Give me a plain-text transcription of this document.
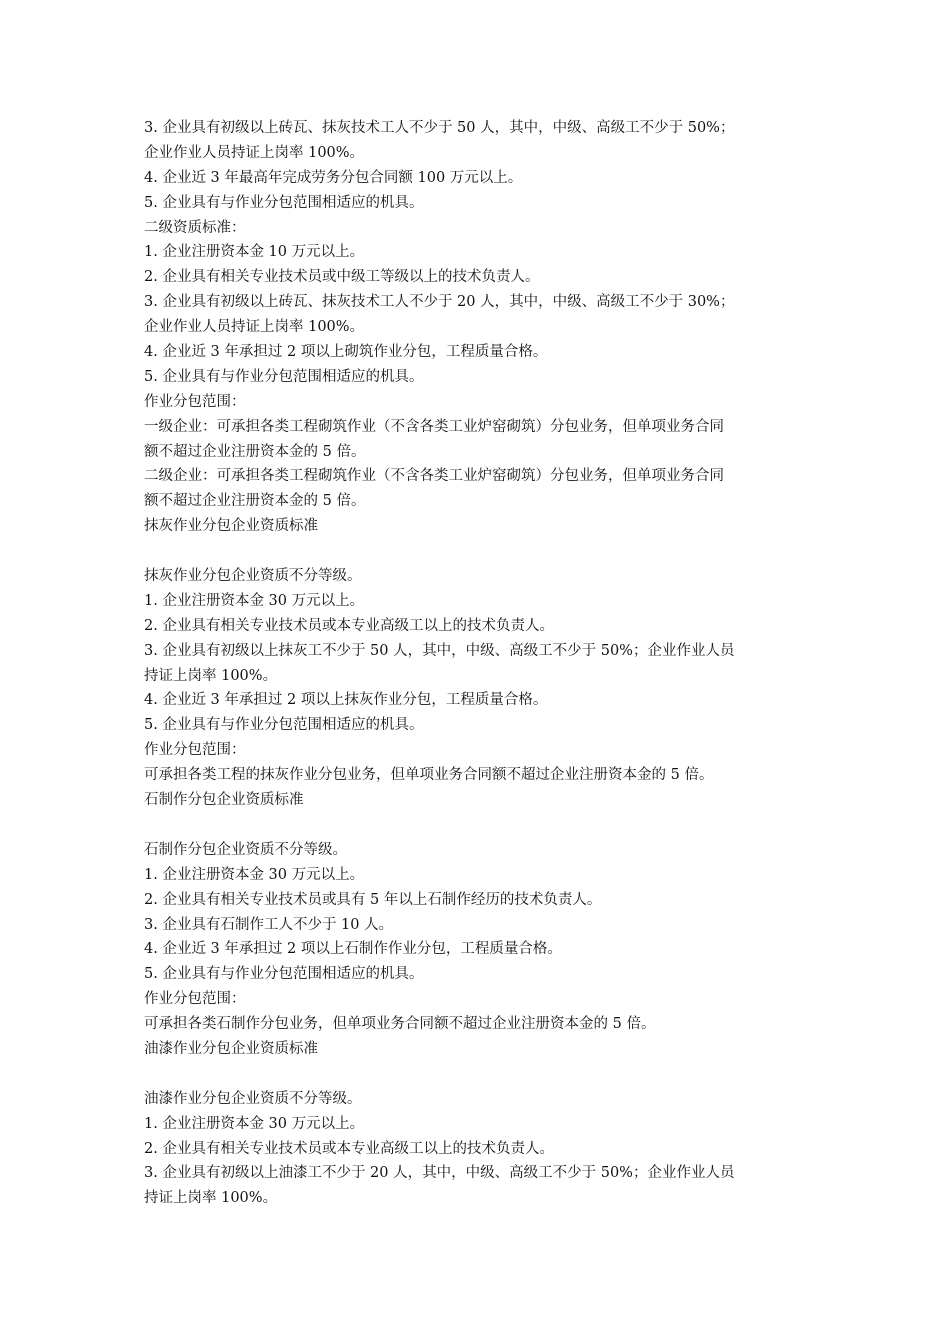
3. 企业具有初级以上砖瓦、抹灰技术工人不少于 50 人，其中，中级、高级工不少于 50%；
企业作业人员持证上岗率 100%。
4. 企业近 3 年最高年完成劳务分包合同额 100 万元以上。
5. 企业具有与作业分包范围相适应的机具。
二级资质标准：
1. 企业注册资本金 10 万元以上。
2. 企业具有相关专业技术员或中级工等级以上的技术负责人。
3. 企业具有初级以上砖瓦、抹灰技术工人不少于 20 人，其中，中级、高级工不少于 30%；
企业作业人员持证上岗率 100%。
4. 企业近 3 年承担过 2 项以上砌筑作业分包，工程质量合格。
5. 企业具有与作业分包范围相适应的机具。
作业分包范围：
一级企业：可承担各类工程砌筑作业（不含各类工业炉窑砌筑）分包业务，但单项业务合同
额不超过企业注册资本金的 5 倍。
二级企业：可承担各类工程砌筑作业（不含各类工业炉窑砌筑）分包业务，但单项业务合同
额不超过企业注册资本金的 5 倍。
抹灰作业分包企业资质标准
抹灰作业分包企业资质不分等级。
1. 企业注册资本金 30 万元以上。
2. 企业具有相关专业技术员或本专业高级工以上的技术负责人。
3. 企业具有初级以上抹灰工不少于 50 人，其中，中级、高级工不少于 50%；企业作业人员
持证上岗率 100%。
4. 企业近 3 年承担过 2 项以上抹灰作业分包，工程质量合格。
5. 企业具有与作业分包范围相适应的机具。
作业分包范围：
可承担各类工程的抹灰作业分包业务，但单项业务合同额不超过企业注册资本金的 5 倍。
石制作分包企业资质标准
石制作分包企业资质不分等级。
1. 企业注册资本金 30 万元以上。
2. 企业具有相关专业技术员或具有 5 年以上石制作经历的技术负责人。
3. 企业具有石制作工人不少于 10 人。
4. 企业近 3 年承担过 2 项以上石制作作业分包，工程质量合格。
5. 企业具有与作业分包范围相适应的机具。
作业分包范围：
可承担各类石制作分包业务，但单项业务合同额不超过企业注册资本金的 5 倍。
油漆作业分包企业资质标准
油漆作业分包企业资质不分等级。
1. 企业注册资本金 30 万元以上。
2. 企业具有相关专业技术员或本专业高级工以上的技术负责人。
3. 企业具有初级以上油漆工不少于 20 人，其中，中级、高级工不少于 50%；企业作业人员
持证上岗率 100%。
